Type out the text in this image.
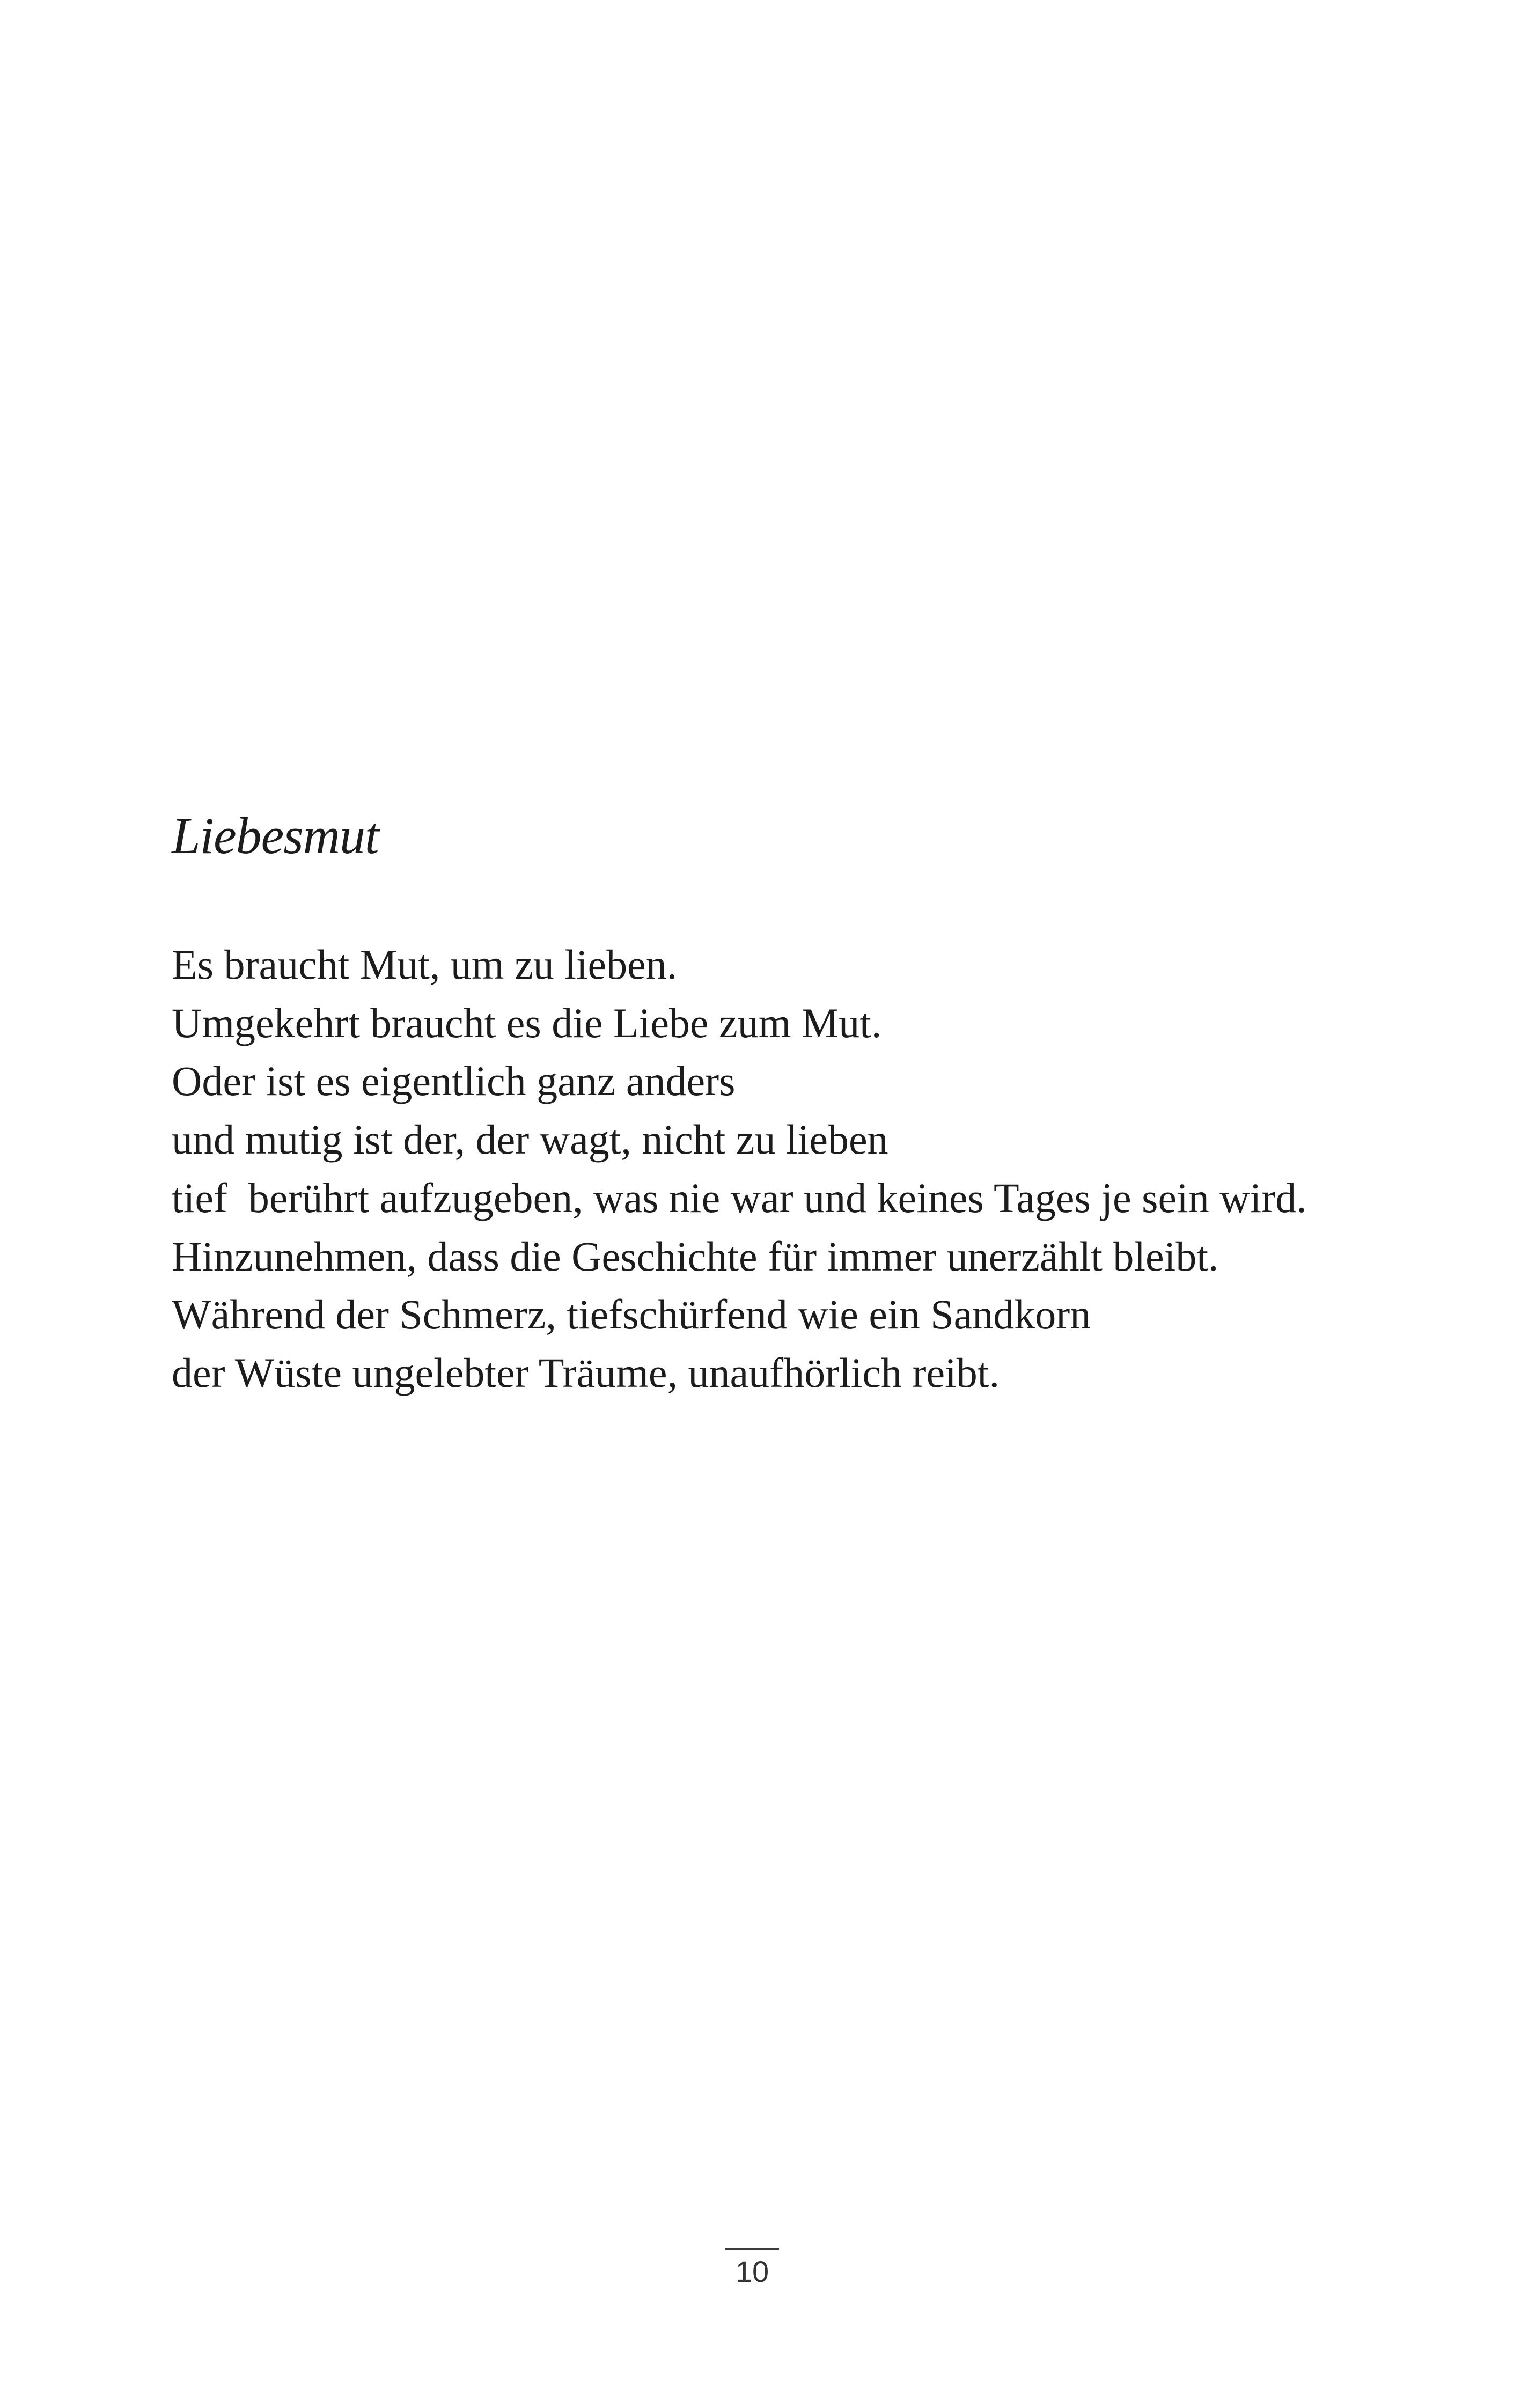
Liebesmut
Es braucht Mut, um zu lieben.
Umgekehrt braucht es die Liebe zum Mut.
Oder ist es eigentlich ganz anders
und mutig ist der, der wagt, nicht zu lieben
tief  berührt aufzugeben, was nie war und keines Tages je sein wird.
Hinzunehmen, dass die Geschichte für immer unerzählt bleibt.
Während der Schmerz, tiefschürfend wie ein Sandkorn
der Wüste ungelebter Träume, unaufhörlich reibt.
10
